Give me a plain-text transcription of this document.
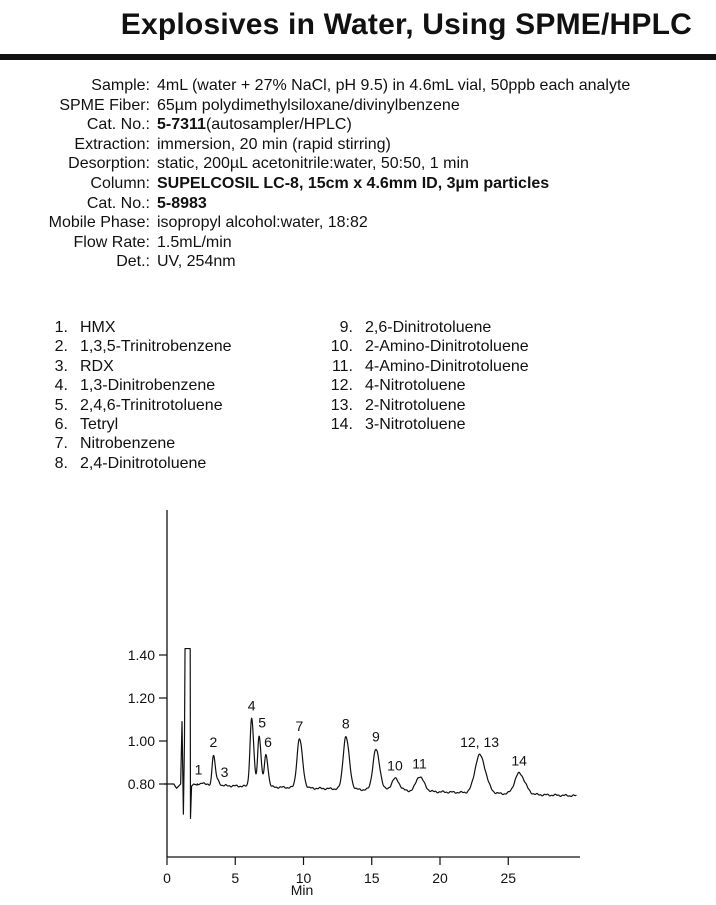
Explosives in Water, Using SPME/HPLC
Sample: 4mL (water + 27% NaCl, pH 9.5) in 4.6mL vial, 50ppb each analyte
SPME Fiber: 65µm polydimethylsiloxane/divinylbenzene
Cat. No.: 5-7311(autosampler/HPLC)
Extraction: immersion, 20 min (rapid stirring)
Desorption: static, 200µL acetonitrile:water, 50:50, 1 min
Column: SUPELCOSIL LC-8, 15cm x 4.6mm ID, 3µm particles
Cat. No.: 5-8983
Mobile Phase: isopropyl alcohol:water, 18:82
Flow Rate: 1.5mL/min
Det.: UV, 254nm
1. HMX
2. 1,3,5-Trinitrobenzene
3. RDX
4. 1,3-Dinitrobenzene
5. 2,4,6-Trinitrotoluene
6. Tetryl
7. Nitrobenzene
8. 2,4-Dinitrotoluene
9. 2,6-Dinitrotoluene
10. 2-Amino-Dinitrotoluene
11. 4-Amino-Dinitrotoluene
12. 4-Nitrotoluene
13. 2-Nitrotoluene
14. 3-Nitrotoluene
0.80
1.00
1.20
1.40
0	5	10	15	20	25
1
2
3
4
5
6
7	8
9
10 11
12, 13
14
Min
